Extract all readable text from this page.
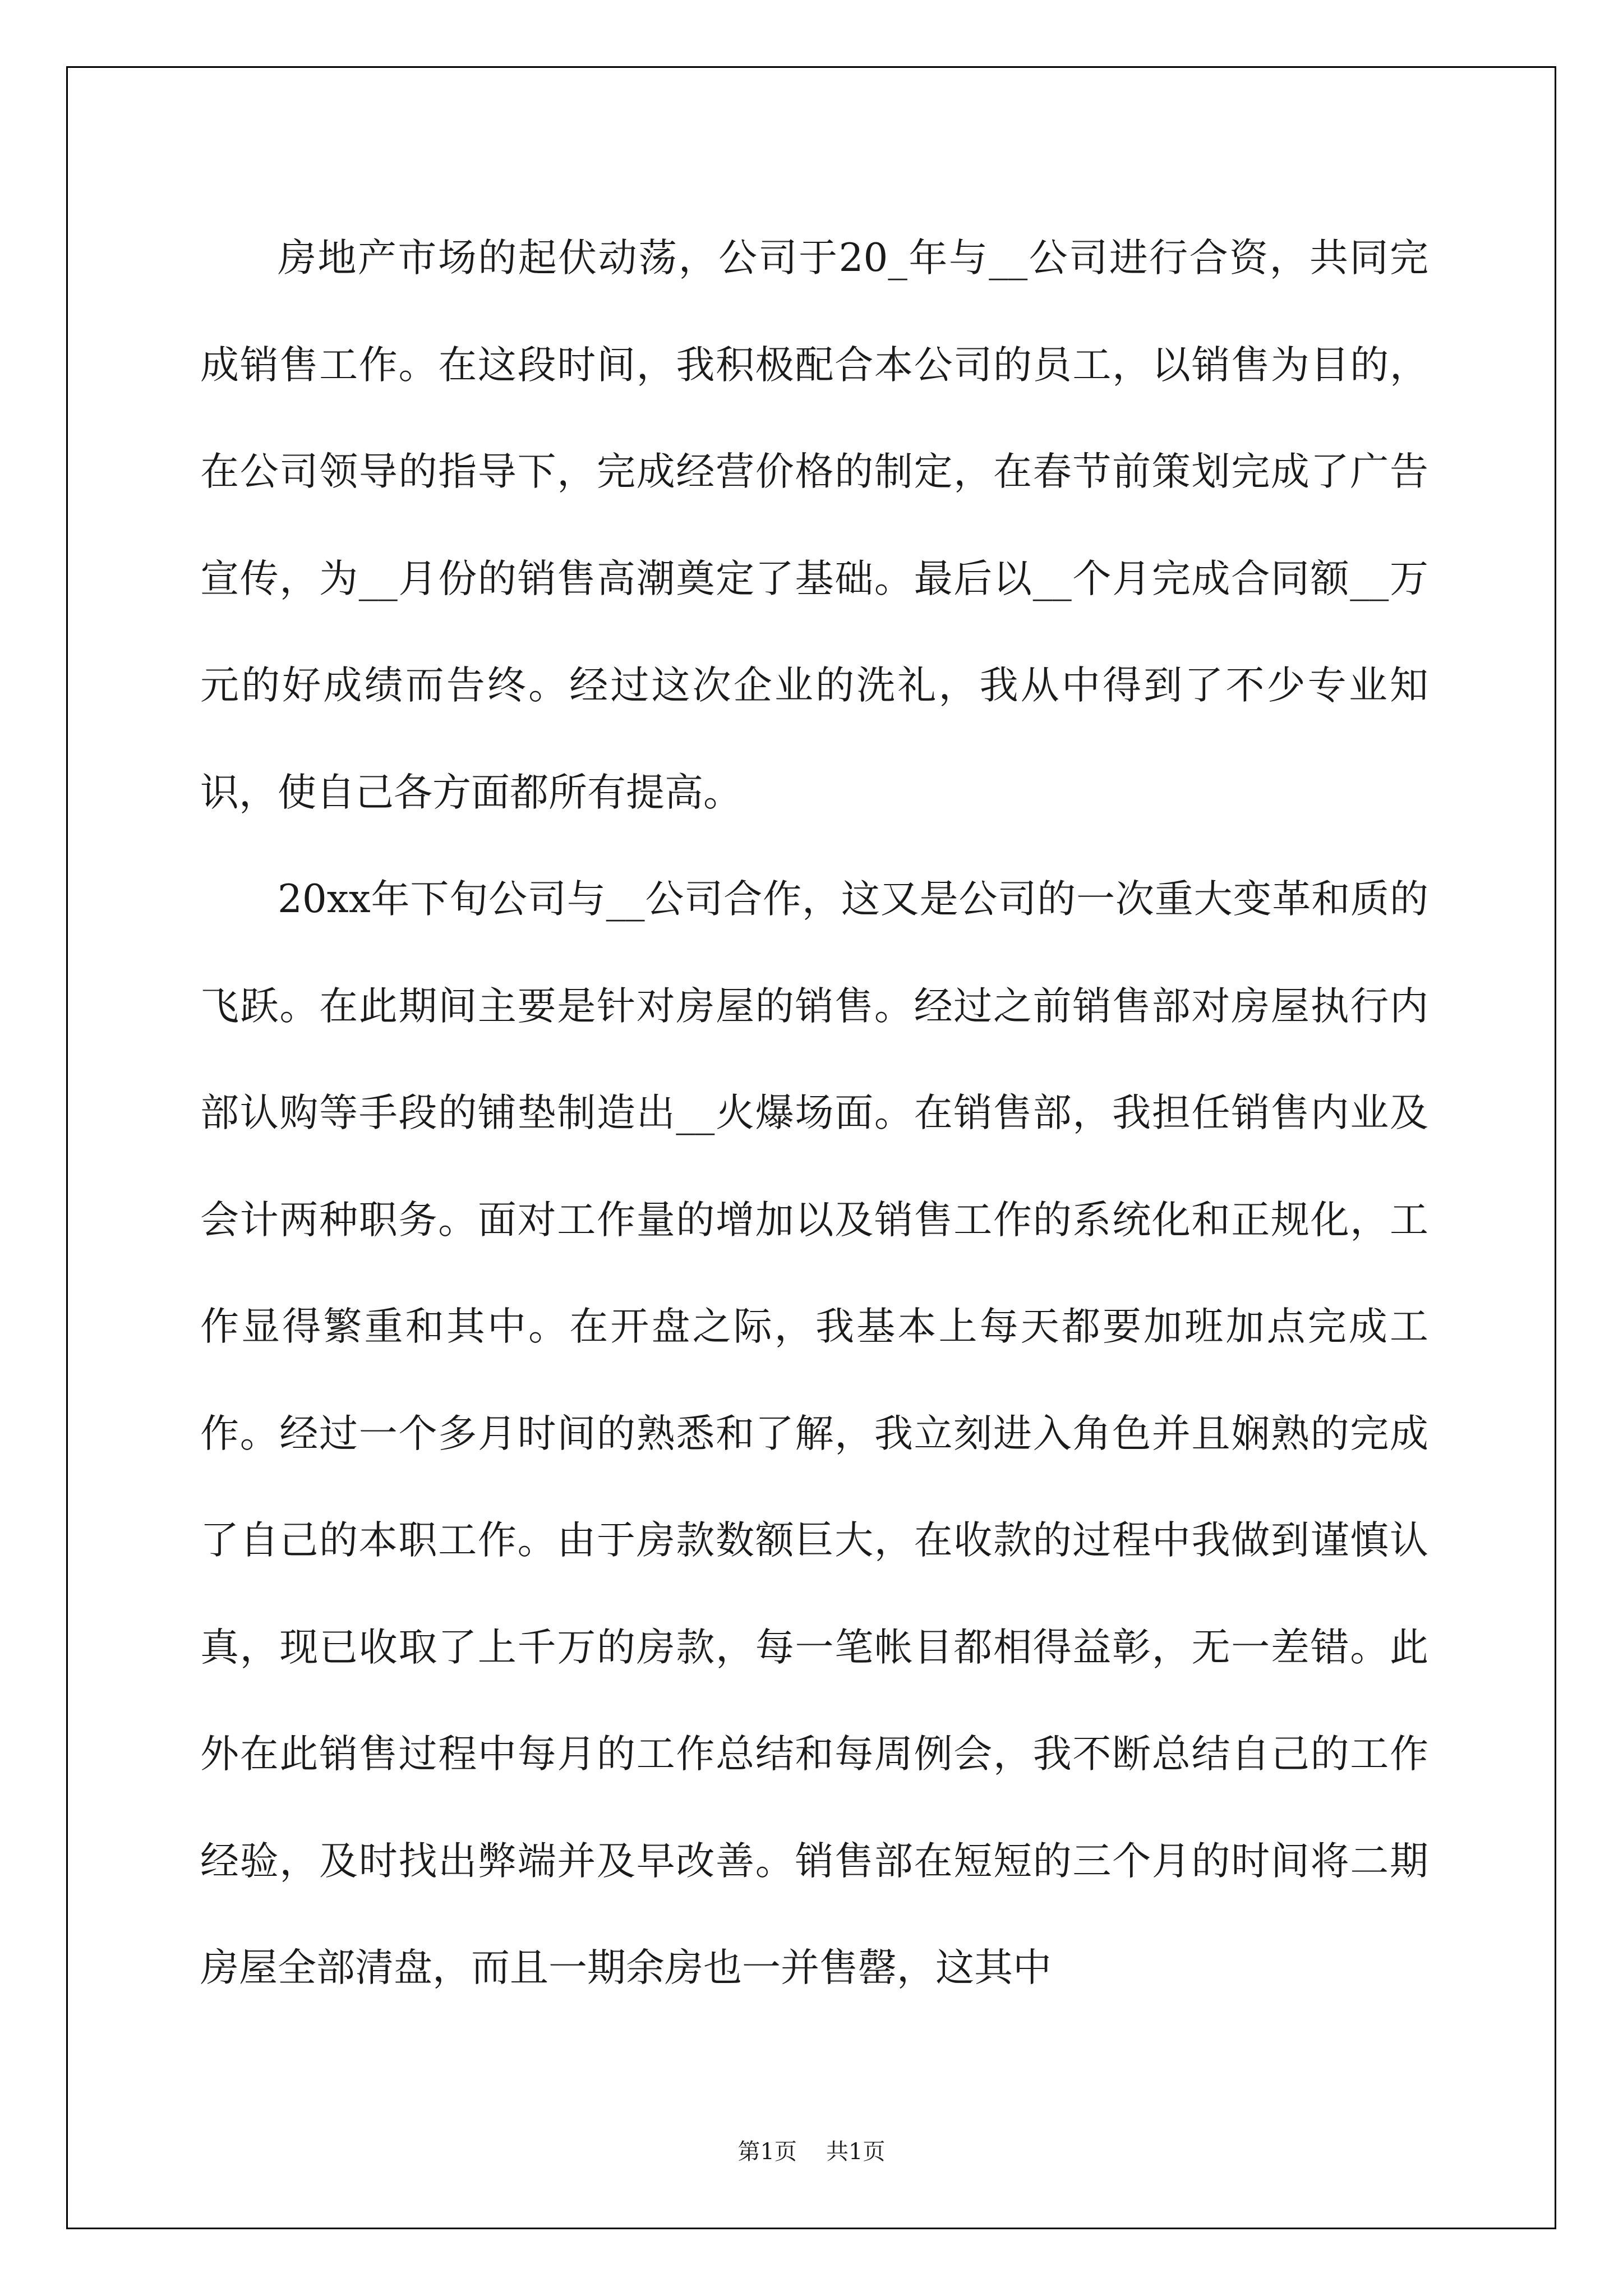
房地产市场的起伏动荡，公司于20_年与__公司进行合资，共同完成销售工作。在这段时间，我积极配合本公司的员工，以销售为目的，在公司领导的指导下，完成经营价格的制定，在春节前策划完成了广告宣传，为__月份的销售高潮奠定了基础。最后以__个月完成合同额__万元的好成绩而告终。经过这次企业的洗礼，我从中得到了不少专业知识，使自己各方面都所有提高。

20xx年下旬公司与__公司合作，这又是公司的一次重大变革和质的飞跃。在此期间主要是针对房屋的销售。经过之前销售部对房屋执行内部认购等手段的铺垫制造出__火爆场面。在销售部，我担任销售内业及会计两种职务。面对工作量的增加以及销售工作的系统化和正规化，工作显得繁重和其中。在开盘之际，我基本上每天都要加班加点完成工作。经过一个多月时间的熟悉和了解，我立刻进入角色并且娴熟的完成了自己的本职工作。由于房款数额巨大，在收款的过程中我做到谨慎认真，现已收取了上千万的房款，每一笔帐目都相得益彰，无一差错。此外在此销售过程中每月的工作总结和每周例会，我不断总结自己的工作经验，及时找出弊端并及早改善。销售部在短短的三个月的时间将二期房屋全部清盘，而且一期余房也一并售罄，这其中

第1页 共1页
